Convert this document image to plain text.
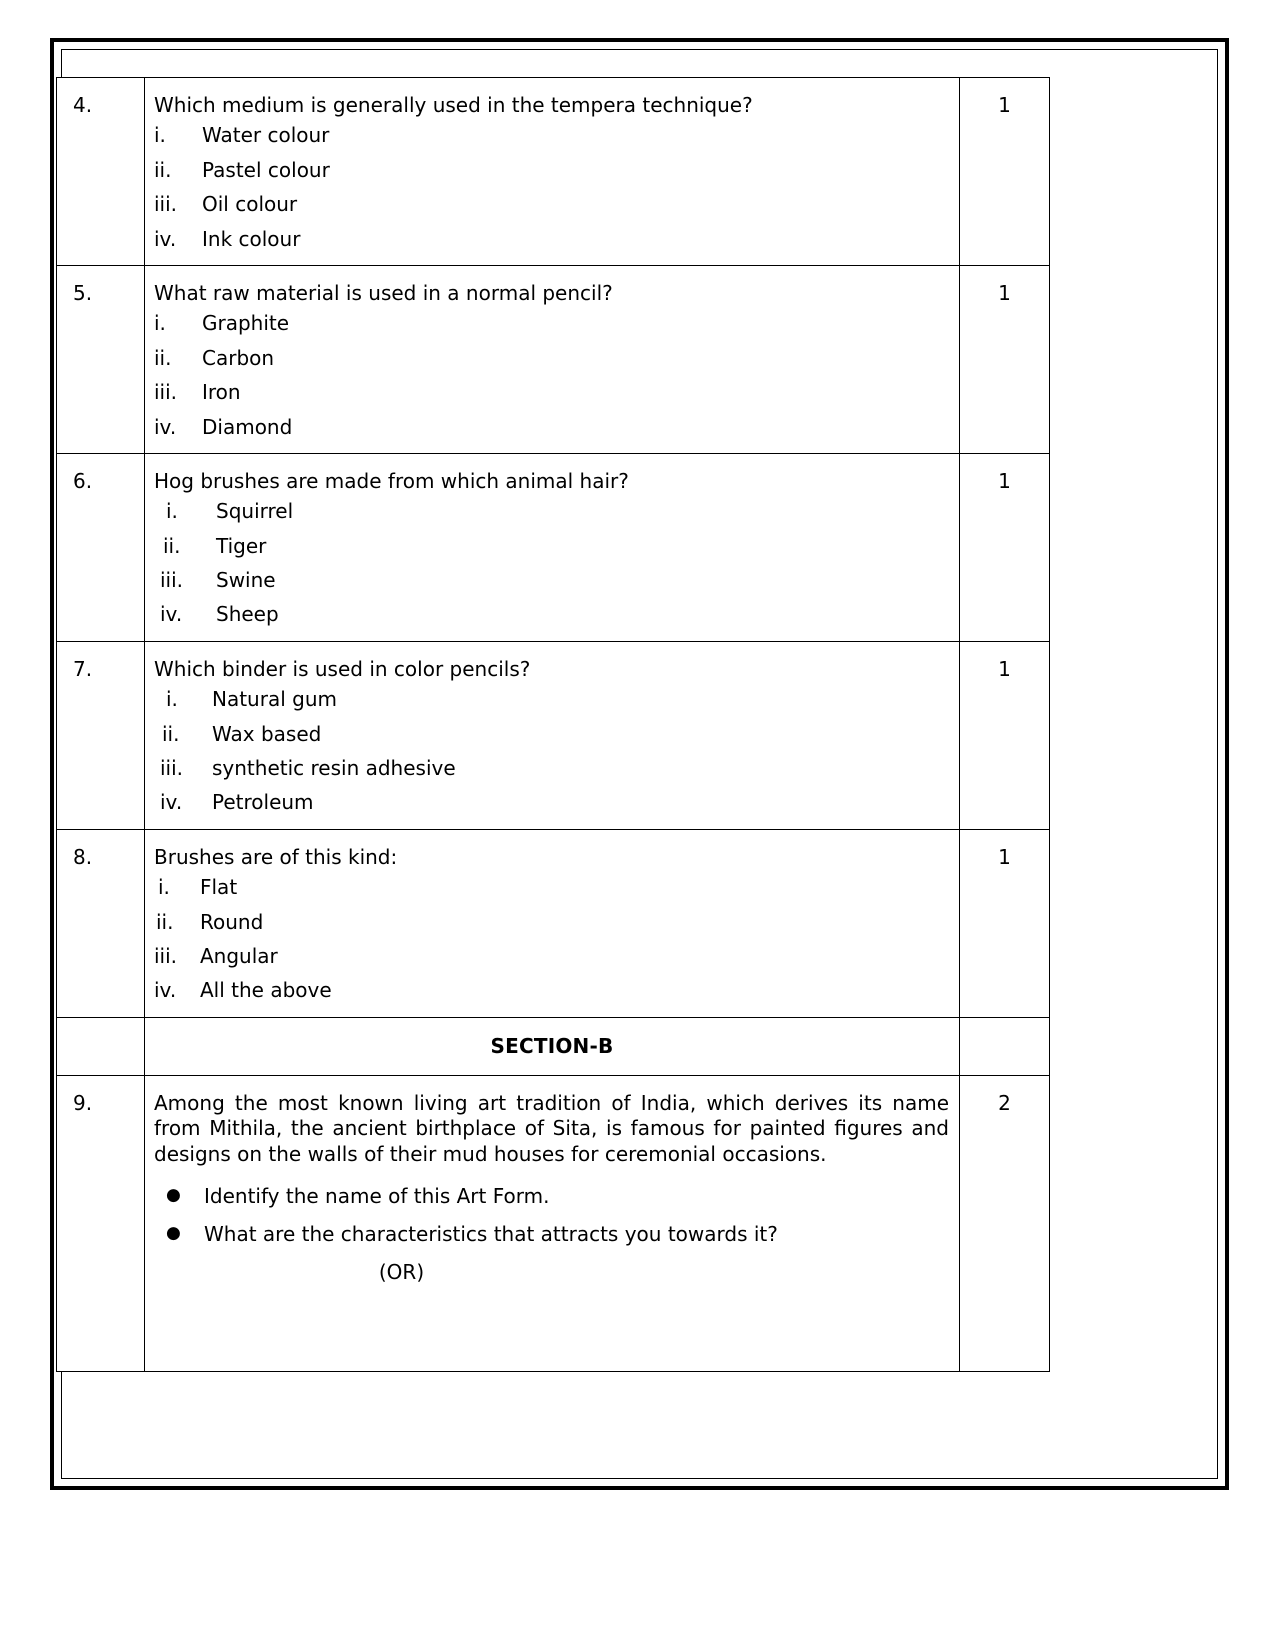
4.	Which medium is generally used in the tempera technique?

i.	Water colour
ii.	Pastel colour
iii.	Oil colour
iv.	Ink colour

1

5.	What raw material is used in a normal pencil?

i.	Graphite
ii.	Carbon
iii.	Iron
iv.	Diamond

1

6.	Hog brushes are made from which animal hair?

i.	Squirrel
ii.	Tiger
iii.	Swine
iv.	Sheep

1

7.	Which binder is used in color pencils?

i.	Natural gum
ii.	Wax based
iii.	synthetic resin adhesive
iv.	Petroleum

1

8.	Brushes are of this kind:

i.	Flat
ii.	Round
iii.	Angular
iv.	All the above

1

	SECTION-B	

9.	Among the most known living art tradition of India, which derives its name from Mithila, the ancient birthplace of Sita, is famous for painted figures and designs on the walls of their mud houses for ceremonial occasions.

●	Identify the name of this Art Form.
●	What are the characteristics that attracts you towards it?
(OR)

2
